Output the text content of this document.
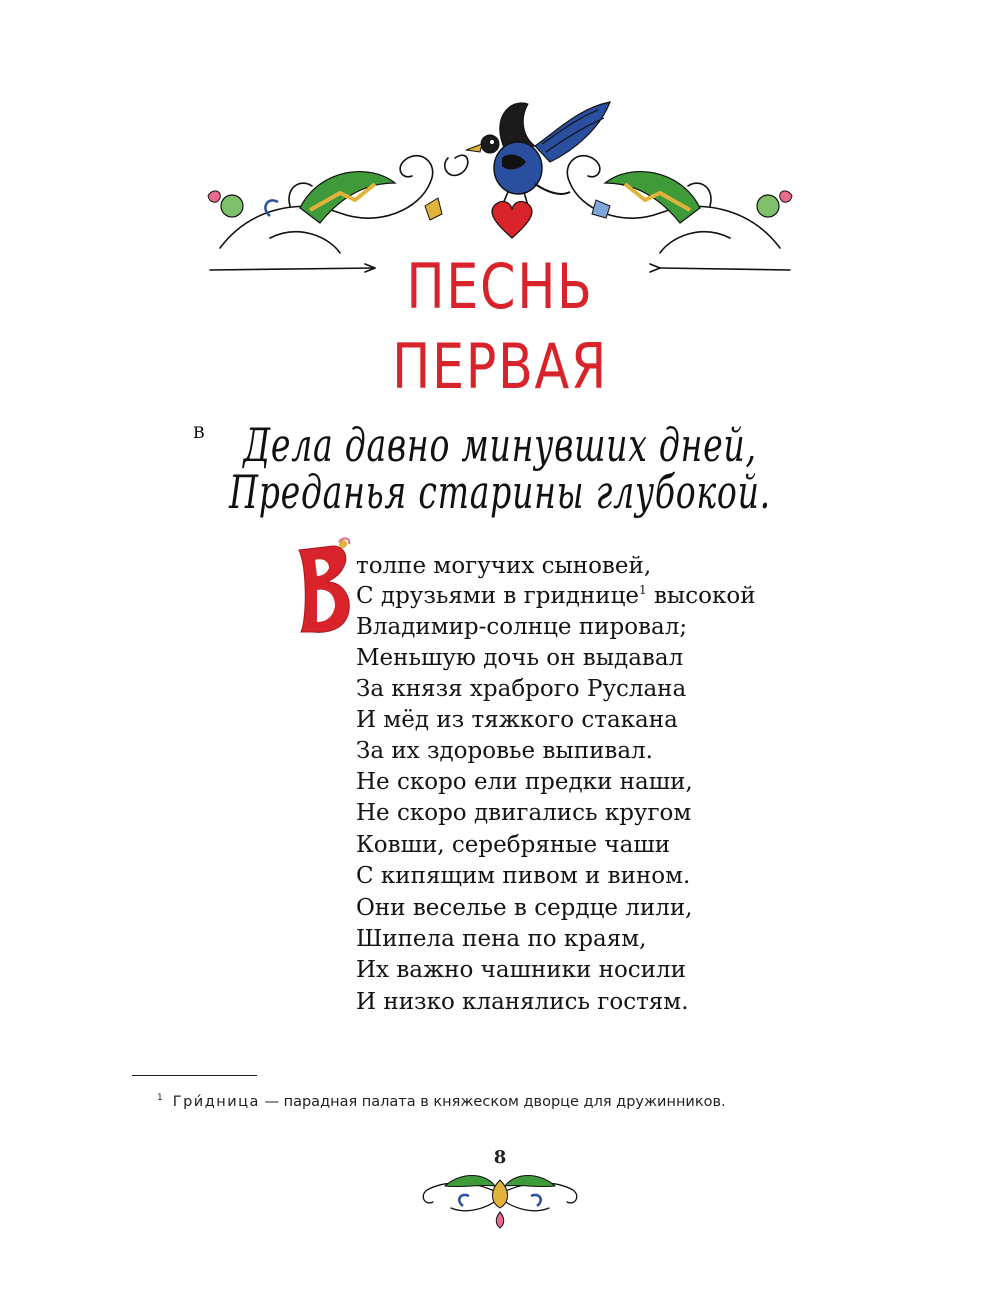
ПЕСНЬ
ПЕРВАЯ
Дела давно минувших дней,
Преданья старины глубокой.
В
толпе могучих сыновей,
С друзьями в гриднице$^1$ высокой
Владимир-солнце пировал;
Меньшую дочь он выдавал
За князя храброго Руслана
И мёд из тяжкого стакана
За их здоровье выпивал.
Не скоро ели предки наши,
Не скоро двигались кругом
Ковши, серебряные чаши
С кипящим пивом и вином.
Они веселье в сердце лили,
Шипела пена по краям,
Их важно чашники носили
И низко кланялись гостям.
$^1$ Гри́дница — парадная палата в княжеском дворце для дружинников.
8
